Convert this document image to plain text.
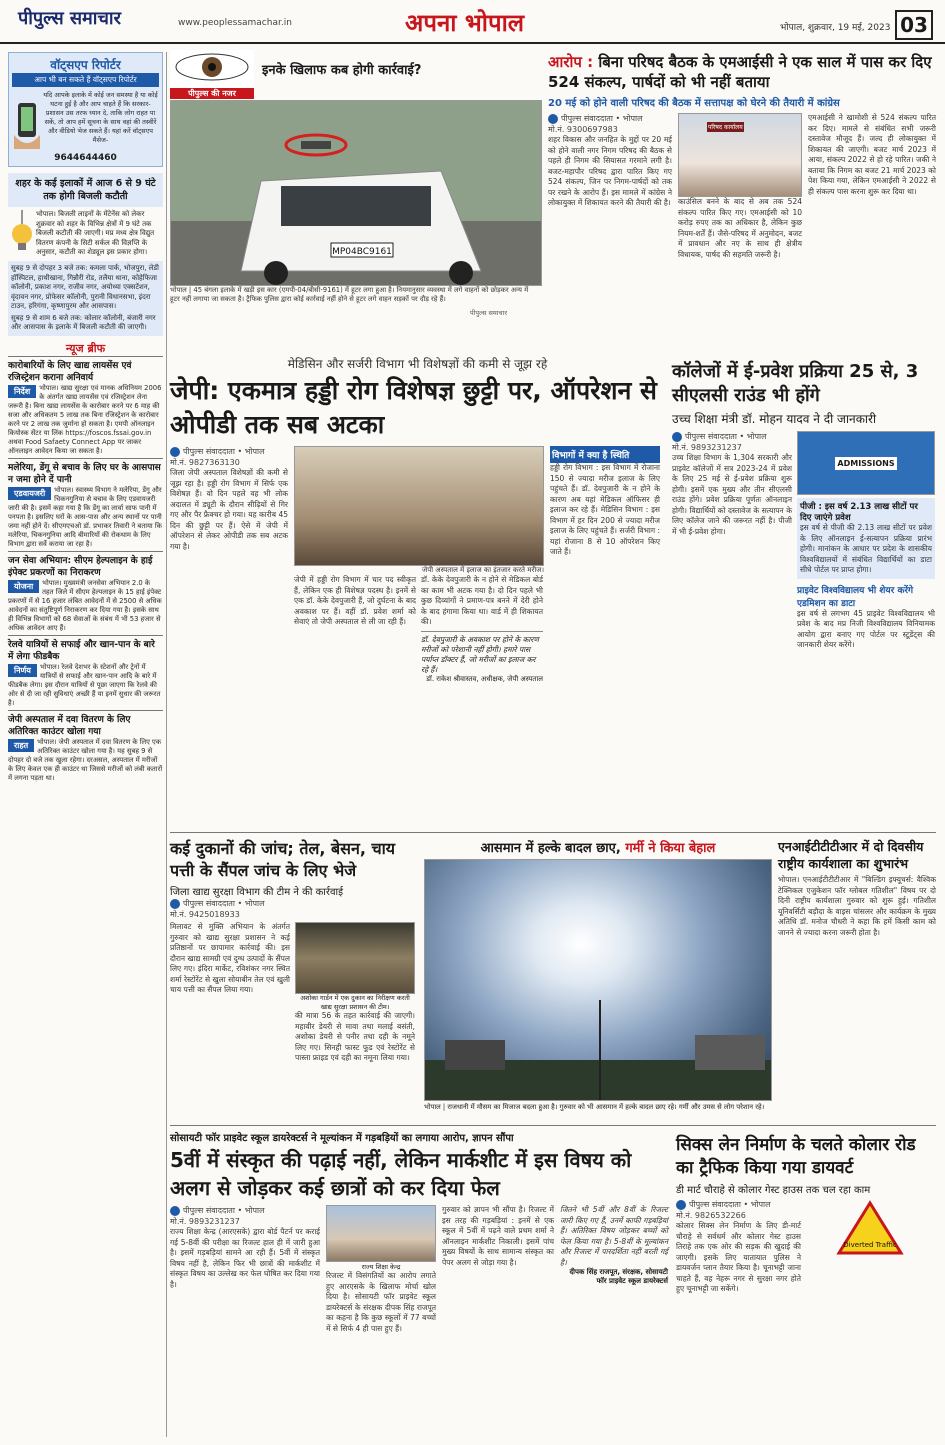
पीपुल्स समाचार	www.peoplessamachar.in	अपना भोपाल	भोपाल, शुक्रवार, 19 मई, 2023 03
वॉट्सएप रिपोर्टर
आप भी बन सकते हैं वॉट्सएप रिपोर्टर
यदि आपके इलाके में कोई जन समस्या है या कोई घटना हुई है और आप चाहते हैं कि सरकार-प्रशासन उस तरफ ध्यान दे, ताकि लोग राहत पा सकें, तो आप हमें सूचना के साथ वहां की तस्वीरें और वीडियो भेज सकते हैं। यहां करें वॉट्सएप मैसेज-
9644644460
शहर के कई इलाकों में आज 6 से 9 घंटे तक होगी बिजली कटौती
भोपाल। बिजली लाइनों के मेंटेनेंस को लेकर शुक्रवार को शहर के विभिन्न क्षेत्रों में 9 घंटे तक बिजली कटौती की जाएगी। मप्र मध्य क्षेत्र विद्युत वितरण कंपनी के सिटी सर्कल की विज्ञप्ति के अनुसार, कटौती का शेड्यूल इस प्रकार होगा।
सुबह 9 से दोपहर 3 बजे तक: कमला पार्क, भोजपुरा, लेडी हॉस्पिटल, हाथीखाना, गिन्नौरी रोड, तलैया थाना, कोहेफिजा कॉलोनी, प्रकाश नगर, राजीव नगर, अयोध्या एक्सटेंशन, वृंदावन नगर, प्रोफेसर कॉलोनी, पुरानी विधानसभा, इंदरा टाउन, हरिगंगा, कृष्णापुरम और आसपास।
सुबह 9 से शाम 6 बजे तक: कोलार कॉलोनी, बंजारी नगर और आसपास के इलाके में बिजली कटौती की जाएगी।
न्यूज ब्रीफ
कारोबारियों के लिए खाद्य लायसेंस एवं रजिस्ट्रेशन कराना अनिवार्य
निर्देश	भोपाल। खाद्य सुरक्षा एवं मानक अधिनियम 2006 के अंतर्गत खाद्य लायसेंस एवं रजिस्ट्रेशन लेना जरूरी है। बिना खाद्य लायसेंस के कारोबार करने पर 6 माह की सजा और अधिकतम 5 लाख तक बिना रजिस्ट्रेशन के कारोबार करने पर 2 लाख तक जुर्माना हो सकता है। एमपी ऑनलाइन कियोस्क सेंटर या लिंक https://foscos.fssai.gov.in अथवा Food Safaety Connect App पर जाकर ऑनलाइन आवेदन किया जा सकता है।
मलेरिया, डेंगू से बचाव के लिए घर के आसपास न जमा होने दें पानी
एडवायजरी	भोपाल। स्वास्थ्य विभाग ने मलेरिया, डेंगू और चिकनगुनिया से बचाव के लिए एडवायजरी जारी की है। इसमें कहा गया है कि डेंगू का लार्वा साफ पानी में पनपता है। इसलिए घरों के आस-पास और अन्य स्थानों पर पानी जमा नहीं होने दें। सीएमएचओ डॉ. प्रभाकर तिवारी ने बताया कि मलेरिया, चिकनगुनिया आदि बीमारियों की रोकथाम के लिए विभाग द्वारा सर्वे कराया जा रहा है।
जन सेवा अभियान: सीएम हेल्पलाइन के हाई इंपेक्ट प्रकरणों का निराकरण
योजना	भोपाल। मुख्यमंत्री जनसेवा अभियान 2.0 के तहत जिले में सीएम हेल्पलाइन के 15 हाई इंपेक्ट प्रकरणों में से 16 हजार लंबित आवेदनों में से 2500 से अधिक आवेदनों का संतुष्टिपूर्ण निराकरण कर दिया गया है। इसके साथ ही विभिन्न विभागों को 68 सेवाओं के संबंध में भी 53 हजार से अधिक आवेदन आए हैं।
रेलवे यात्रियों से सफाई और खान-पान के बारे में लेगा फीडबैक
निर्णय	भोपाल। रेलवे देशभर के स्टेशनों और ट्रेनों में यात्रियों से सफाई और खान-पान आदि के बारे में फीडबैक लेगा। इस दौरान यात्रियों से पूछा जाएगा कि रेलवे की ओर से दी जा रही सुविधाएं अच्छी हैं या इनमें सुधार की जरूरत है।
जेपी अस्पताल में दवा वितरण के लिए अतिरिक्त काउंटर खोला गया
राहत	भोपाल। जेपी अस्पताल में दवा वितरण के लिए एक अतिरिक्त काउंटर खोला गया है। यह सुबह 9 से दोपहर दो बजे तक खुला रहेगा। दरअसल, अस्पताल में मरीजों के लिए केवल एक ही काउंटर था जिससे मरीजों को लंबी कतारों में लगना पड़ता था।
पीपुल्स की नजर
इनके खिलाफ कब होगी कार्रवाई?
MP04BC9161
भोपाल | 45 बंगला इलाके में खड़ी इस कार (एमपी-04/बीसी-9161) में हूटर लगा हुआ है। नियमानुसार व्यवस्था में लगे वाहनों को छोड़कर अन्य में हूटर नहीं लगाया जा सकता है। ट्रैफिक पुलिस द्वारा कोई कार्रवाई नहीं होने से हूटर लगे वाहन सड़कों पर दौड़ रहे हैं।
पीपुल्स समाचार
आरोप : बिना परिषद बैठक के एमआईसी ने एक साल में पास कर दिए 524 संकल्प, पार्षदों को भी नहीं बताया
20 मई को होने वाली परिषद की बैठक में सत्तापक्ष को घेरने की तैयारी में कांग्रेस
पीपुल्स संवाददाता • भोपाल
मो.नं. 9300697983
शहर विकास और जनहित के मुद्दों पर 20 मई को होने वाली नगर निगम परिषद की बैठक से पहले ही निगम की सियासत गरमाने लगी है। बजट-महापौर परिषद द्वारा पारित किए गए 524 संकल्प, जिन पर निगम-पार्षदों को तक पर रखने के आरोप हैं। इस मामले में कांग्रेस ने लोकायुक्त में शिकायत करने की तैयारी की है।
परिषद कार्यालय
काउंसिल बनने के बाद से अब तक 524 संकल्प पारित किए गए। एमआईसी को 10 करोड़ रुपए तक का अधिकार है, लेकिन कुछ नियम-शर्तें हैं। जैसे-परिषद में अनुमोदन, बजट में प्रावधान और नए के साथ ही क्षेत्रीय विधायक, पार्षद की सहमति जरूरी है।
एमआईसी ने खामोशी से 524 संकल्प पारित कर दिए। मामले से संबंधित सभी जरूरी दस्तावेज मौजूद हैं। जल्द ही लोकायुक्त में शिकायत की जाएगी। बजट मार्च 2023 में आया, संकल्प 2022 से हो रहे पारित। जकी ने बताया कि निगम का बजट 21 मार्च 2023 को पेश किया गया, लेकिन एमआईसी ने 2022 से ही संकल्प पास करना शुरू कर दिया था।
मेडिसिन और सर्जरी विभाग भी विशेषज्ञों की कमी से जूझ रहे
जेपी: एकमात्र हड्डी रोग विशेषज्ञ छुट्टी पर, ऑपरेशन से ओपीडी तक सब अटका
पीपुल्स संवाददाता • भोपाल
मो.नं. 9827363130
जिला जेपी अस्पताल विशेषज्ञों की कमी से जूझ रहा है। हड्डी रोग विभाग में सिर्फ एक विशेषज्ञ हैं। वो दिन पहले वह भी लोक अदालत में ड्यूटी के दौरान सीढ़ियों से गिर गए और पैर फ्रैक्चर हो गया। यह कारीब 45 दिन की छुट्टी पर हैं। ऐसे में जेपी में ऑपरेशन से लेकर ओपीडी तक सब अटक गया है।
जेपी अस्पताल में इलाज का इंतजार करते मरीज।
जेपी में हड्डी रोग विभाग में चार पद स्वीकृत हैं, लेकिन एक ही विशेषज्ञ पदस्थ है। इनमें से एक डॉ. केके देवपुजारी हैं, जो दुर्घटना के बाद अवकाश पर हैं। वहीं डॉ. प्रवेश शर्मा को सेवाएं तो जेपी अस्पताल से ली जा रही हैं।
डॉ. केके देवपुजारी के न होने से मेडिकल बोर्ड का काम भी अटक गया है। दो दिन पहले भी कुछ दिव्यांगों ने प्रमाण-पत्र बनने में देरी होने के बाद हंगामा किया था। वार्ड में ही शिकायत की।
डॉ. देवपुजारी के अवकाश पर होने के कारण मरीजों को परेशानी नहीं होगी। हमारे पास पर्याप्त डॉक्टर हैं, जो मरीजों का इलाज कर रहे हैं।
डॉ. राकेश श्रीवास्तव, अधीक्षक, जेपी अस्पताल
विभागों में क्या है स्थिति
हड्डी रोग विभाग : इस विभाग में रोजाना 150 से ज्यादा मरीज इलाज के लिए पहुंचते हैं। डॉ. देवपुजारी के न होने के कारण अब यहां मेडिकल ऑफिसर ही इलाज कर रहे हैं। मेडिसिन विभाग : इस विभाग में हर दिन 200 से ज्यादा मरीज इलाज के लिए पहुंचते हैं। सर्जरी विभाग : यहां रोजाना 8 से 10 ऑपरेशन किए जाते हैं।
कॉलेजों में ई-प्रवेश प्रक्रिया 25 से, 3 सीएलसी राउंड भी होंगे
उच्च शिक्षा मंत्री डॉ. मोहन यादव ने दी जानकारी
पीपुल्स संवाददाता • भोपाल
मो.नं. 9893231237
उच्च शिक्षा विभाग के 1,304 सरकारी और प्राइवेट कॉलेजों में सत्र 2023-24 में प्रवेश के लिए 25 मई से ई-प्रवेश प्रक्रिया शुरू होगी। इसमें एक मुख्य और तीन सीएलसी राउंड होंगे। प्रवेश प्रक्रिया पूर्णतः ऑनलाइन होगी। विद्यार्थियों को दस्तावेज के सत्यापन के लिए कॉलेज जाने की जरूरत नहीं है। पीजी में भी ई-प्रवेश होगा।
ADMISSIONS
पीजी : इस वर्ष 2.13 लाख सीटों पर दिए जाएंगे प्रवेश
इस वर्ष से पीजी की 2.13 लाख सीटों पर प्रवेश के लिए ऑनलाइन ई-सत्यापन प्रक्रिया प्रारंभ होगी। मानांकन के आधार पर प्रदेश के शासकीय विश्वविद्यालयों में संबंधित विद्यार्थियों का डाटा सीधे पोर्टल पर प्राप्त होगा।
प्राइवेट विश्वविद्यालय भी शेयर करेंगे एडमिशन का डाटा
इस वर्ष से लगभग 45 प्राइवेट विश्वविद्यालय भी प्रवेश के बाद मप्र निजी विश्वविद्यालय विनियामक आयोग द्वारा बनाए गए पोर्टल पर स्टूडेंट्स की जानकारी शेयर करेंगे।
कई दुकानों की जांच; तेल, बेसन, चाय पत्ती के सैंपल जांच के लिए भेजे
जिला खाद्य सुरक्षा विभाग की टीम ने की कार्रवाई
पीपुल्स संवाददाता • भोपाल
मो.नं. 9425018933
मिलावट से मुक्ति अभियान के अंतर्गत गुरुवार को खाद्य सुरक्षा प्रशासन ने कई प्रतिष्ठानों पर छापामार कार्रवाई की। इस दौरान खाद्य सामग्री एवं दुग्ध उत्पादों के सैंपल लिए गए। इंदिरा मार्केट, रविशंकर नगर स्थित शर्मा रेस्टोरेंट से खुला सोयाबीन तेल एवं खुली चाय पत्ती का सैंपल लिया गया।
अशोका गार्डन में एक दुकान का निरीक्षण करती खाद्य सुरक्षा प्रशासन की टीम।
की मात्रा 56 के तहत कार्रवाई की जाएगी। महावीर डेयरी से मावा तथा मलाई बसंती, अशोका डेयरी से पनीर तथा दही के नमूने लिए गए। सिनही फास्ट फूड एवं रेस्टोरेंट से पास्ता फ्राइड एवं दही का नमूना लिया गया।
आसमान में हल्के बादल छाए, गर्मी ने किया बेहाल
भोपाल | राजधानी में मौसम का मिजाज बदला हुआ है। गुरुवार को भी आसमान में हल्के बादल छाए रहे। गर्मी और उमस से लोग परेशान रहे।
एनआईटीटीटीआर में दो दिवसीय राष्ट्रीय कार्यशाला का शुभारंभ
भोपाल। एनआईटीटीटीआर में "बिल्डिंग इफ्यूचर्स: वैश्विक टेक्निकल एजुकेशन फॉर ग्लोबल गतिशील" विषय पर दो दिनी राष्ट्रीय कार्यशाला गुरुवार को शुरू हुई। गतिशील यूनिवर्सिटी बड़ौदा के वाइस चांसलर और कार्यक्रम के मुख्य अतिथि डॉ. मनोज चौधरी ने कहा कि हमें किसी काम को जानने से ज्यादा करना जरूरी होता है।
सोसायटी फॉर प्राइवेट स्कूल डायरेक्टर्स ने मूल्यांकन में गड़बड़ियों का लगाया आरोप, ज्ञापन सौंपा
5वीं में संस्कृत की पढ़ाई नहीं, लेकिन मार्कशीट में इस विषय को अलग से जोड़कर कई छात्रों को कर दिया फेल
पीपुल्स संवाददाता • भोपाल
मो.नं. 9893231237
राज्य शिक्षा केन्द्र (आरएसके) द्वारा बोर्ड पैटर्न पर कराई गई 5-8वीं की परीक्षा का रिजल्ट हाल ही में जारी हुआ है। इसमें गड़बड़ियां सामने आ रही हैं। 5वीं में संस्कृत विषय नहीं है, लेकिन फिर भी छात्रों की मार्कशीट में संस्कृत विषय का उल्लेख कर फेल घोषित कर दिया गया है।
राज्य शिक्षा केन्द्र
रिजल्ट में विसंगतियों का आरोप लगाते हुए आरएसके के खिलाफ मोर्चा खोल दिया है। सोसायटी फॉर प्राइवेट स्कूल डायरेक्टर्स के संरक्षक दीपक सिंह राजपूत का कहना है कि कुछ स्कूलों में 77 बच्चों में से सिर्फ 4 ही पास हुए हैं।
गुरुवार को ज्ञापन भी सौंपा है। रिजल्ट में इस तरह की गड़बड़ियां : इनमें से एक स्कूल में 5वीं में पढ़ने वाले प्रथम शर्मा ने ऑनलाइन मार्कशीट निकाली। इसमें पांच मुख्य विषयों के साथ सामान्य संस्कृत का पेपर अलग से जोड़ा गया है।
जितने भी 5वीं और 8वीं के रिजल्ट जारी किए गए हैं, उनमें काफी गड़बड़ियां हैं। अतिरिक्त विषय जोड़कर बच्चों को फेल किया गया है। 5-8वीं के मूल्यांकन और रिजल्ट में पारदर्शिता नहीं बरती गई है।
दीपक सिंह राजपूत, संरक्षक, सोसायटी फॉर प्राइवेट स्कूल डायरेक्टर्स
सिक्स लेन निर्माण के चलते कोलार रोड का ट्रैफिक किया गया डायवर्ट
डी मार्ट चौराहे से कोलार गेस्ट हाउस तक चल रहा काम
पीपुल्स संवाददाता • भोपाल
मो.नं. 9826532266
कोलार सिक्स लेन निर्माण के लिए डी-मार्ट चौराहे से सर्वधर्म और कोलार गेस्ट हाउस तिराहे तक एक ओर की सड़क की खुदाई की जाएगी। इसके लिए यातायात पुलिस ने डायवर्जन प्लान तैयार किया है। चूनाभट्टी जाना चाहते हैं, वह नेहरू नगर से सुरक्षा नगर होते हुए चूनाभट्टी जा सकेंगे।
Diverted Traffic
